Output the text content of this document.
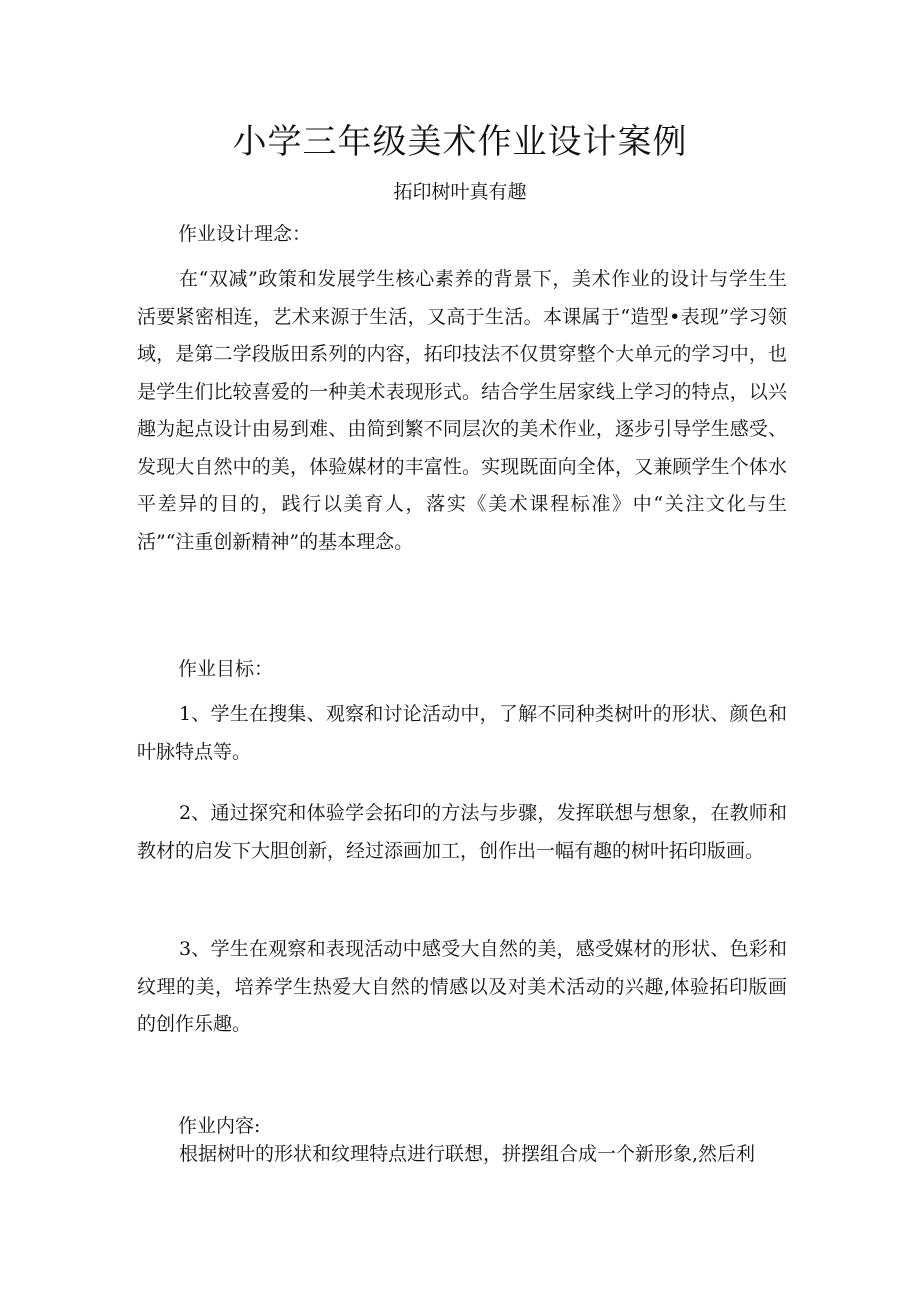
小学三年级美术作业设计案例
拓印树叶真有趣
作业设计理念：

在“双减”政策和发展学生核心素养的背景下，美术作业的设计与学生生活要紧密相连，艺术来源于生活，又高于生活。本课属于“造型•表现”学习领域，是第二学段版田系列的内容，拓印技法不仅贯穿整个大单元的学习中，也是学生们比较喜爱的一种美术表现形式。结合学生居家线上学习的特点，以兴趣为起点设计由易到难、由简到繁不同层次的美术作业，逐步引导学生感受、发现大自然中的美，体验媒材的丰富性。实现既面向全体，又兼顾学生个体水平差异的目的，践行以美育人，落实《美术课程标准》中“关注文化与生活”“注重创新精神”的基本理念。

作业目标：

1、学生在搜集、观察和讨论活动中，了解不同种类树叶的形状、颜色和叶脉特点等。

2、通过探究和体验学会拓印的方法与步骤，发挥联想与想象，在教师和教材的启发下大胆创新，经过添画加工，创作出一幅有趣的树叶拓印版画。

3、学生在观察和表现活动中感受大自然的美，感受媒材的形状、色彩和纹理的美，培养学生热爱大自然的情感以及对美术活动的兴趣,体验拓印版画的创作乐趣。

作业内容:

根据树叶的形状和纹理特点进行联想，拼摆组合成一个新形象,然后利
